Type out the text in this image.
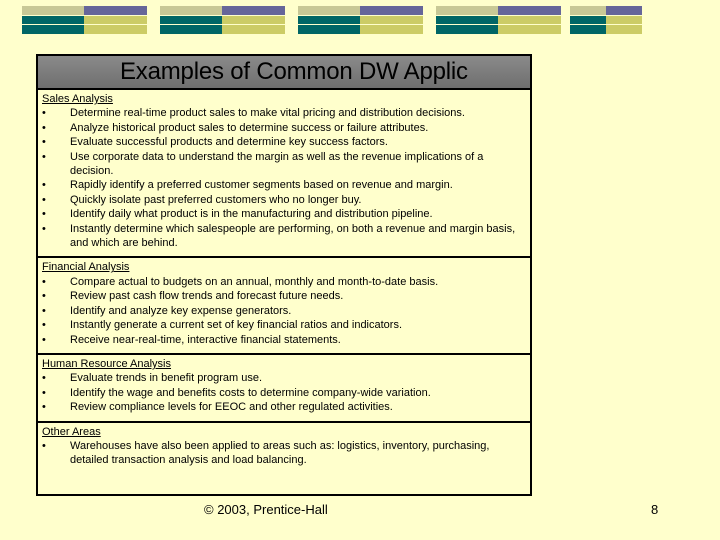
Examples of Common DW Applic
Sales Analysis
• Determine real-time product sales to make vital pricing and distribution decisions.
• Analyze historical product sales to determine success or failure attributes.
• Evaluate successful products and determine key success factors.
• Use corporate data to understand the margin as well as the revenue implications of a decision.
• Rapidly identify a preferred customer segments based on revenue and margin.
• Quickly isolate past preferred customers who no longer buy.
• Identify daily what product is in the manufacturing and distribution pipeline.
• Instantly determine which salespeople are performing, on both a revenue and margin basis, and which are behind.
Financial Analysis
• Compare actual to budgets on an annual, monthly and month-to-date basis.
• Review past cash flow trends and forecast future needs.
• Identify and analyze key expense generators.
• Instantly generate a current set of key financial ratios and indicators.
• Receive near-real-time, interactive financial statements.
Human Resource Analysis
• Evaluate trends in benefit program use.
• Identify the wage and benefits costs to determine company-wide variation.
• Review compliance levels for EEOC and other regulated activities.
Other Areas
• Warehouses have also been applied to areas such as: logistics, inventory, purchasing, detailed transaction analysis and load balancing.
© 2003, Prentice-Hall	8
